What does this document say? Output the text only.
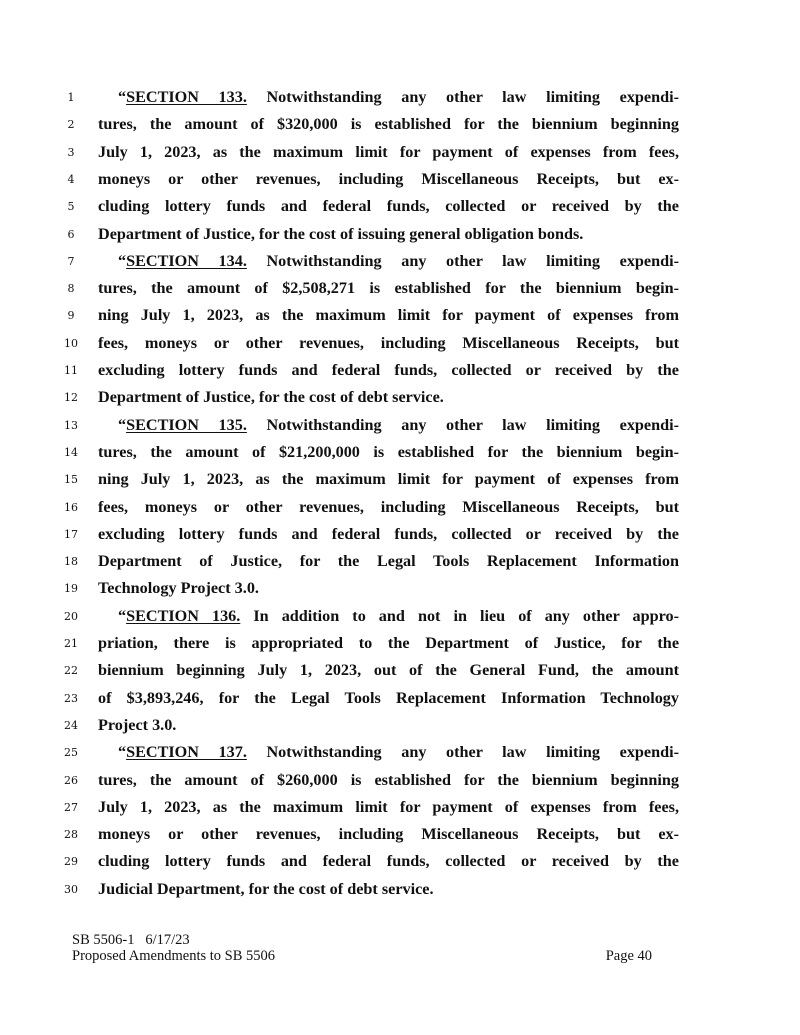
1	“SECTION 133. Notwithstanding any other law limiting expendi-
2	tures, the amount of $320,000 is established for the biennium beginning
3	July 1, 2023, as the maximum limit for payment of expenses from fees,
4	moneys or other revenues, including Miscellaneous Receipts, but ex-
5	cluding lottery funds and federal funds, collected or received by the
6	Department of Justice, for the cost of issuing general obligation bonds.
7	“SECTION 134. Notwithstanding any other law limiting expendi-
8	tures, the amount of $2,508,271 is established for the biennium begin-
9	ning July 1, 2023, as the maximum limit for payment of expenses from
10 fees, moneys or other revenues, including Miscellaneous Receipts, but
11 excluding lottery funds and federal funds, collected or received by the
12 Department of Justice, for the cost of debt service.
13 “SECTION 135. Notwithstanding any other law limiting expendi-
14 tures, the amount of $21,200,000 is established for the biennium begin-
15 ning July 1, 2023, as the maximum limit for payment of expenses from
16 fees, moneys or other revenues, including Miscellaneous Receipts, but
17 excluding lottery funds and federal funds, collected or received by the
18 Department of Justice, for the Legal Tools Replacement Information
19 Technology Project 3.0.
20 “SECTION 136. In addition to and not in lieu of any other appro-
21 priation, there is appropriated to the Department of Justice, for the
22 biennium beginning July 1, 2023, out of the General Fund, the amount
23 of $3,893,246, for the Legal Tools Replacement Information Technology
24 Project 3.0.
25 “SECTION 137. Notwithstanding any other law limiting expendi-
26 tures, the amount of $260,000 is established for the biennium beginning
27 July 1, 2023, as the maximum limit for payment of expenses from fees,
28 moneys or other revenues, including Miscellaneous Receipts, but ex-
29 cluding lottery funds and federal funds, collected or received by the
30 Judicial Department, for the cost of debt service.
SB 5506-1 6/17/23
Proposed Amendments to SB 5506	Page 40
